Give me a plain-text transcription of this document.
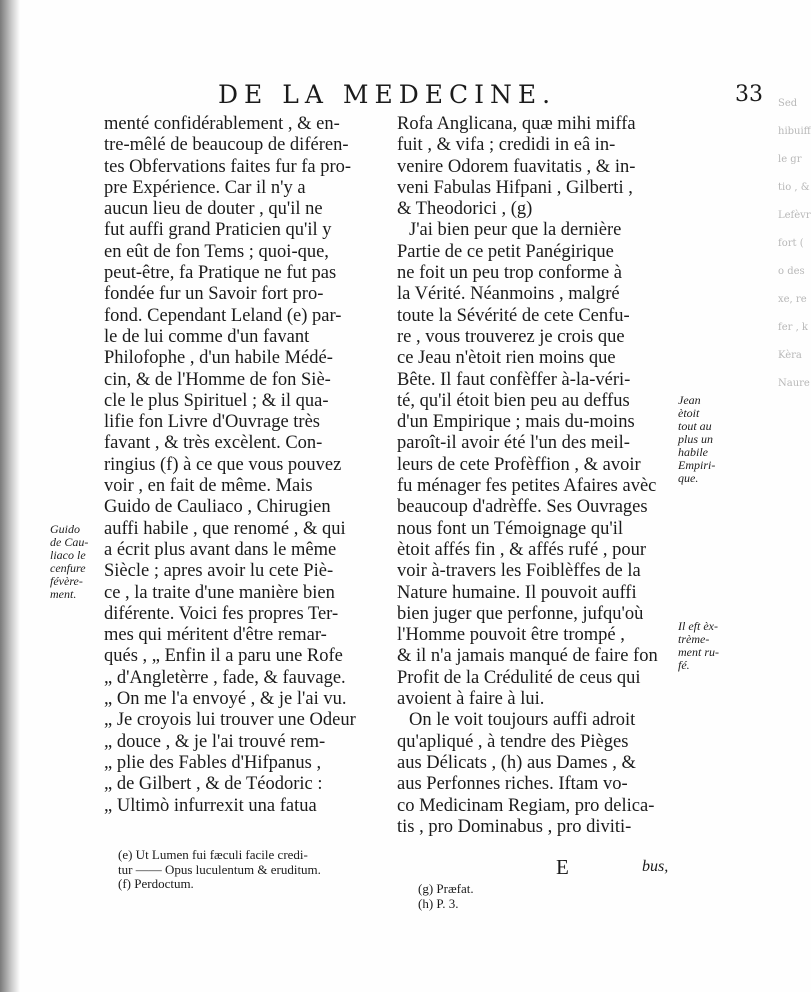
Sed
hibuiff
le gr
tio , &
Lefèvr
fort (
o des
xe, re
fer , k
Kèra
Naure
DE LA MEDECINE.	33
menté confidérablement , & en-
tre-mêlé de beaucoup de diféren-
tes Obfervations faites fur fa pro-
pre Expérience. Car il n'y a
aucun lieu de douter , qu'il ne
fut auffi grand Praticien qu'il y
en eût de fon Tems ; quoi-que,
peut-être, fa Pratique ne fut pas
fondée fur un Savoir fort pro-
fond. Cependant Leland (e) par-
le de lui comme d'un favant
Philofophe , d'un habile Médé-
cin, & de l'Homme de fon Siè-
cle le plus Spirituel ; & il qua-
lifie fon Livre d'Ouvrage très
favant , & très excèlent. Con-
ringius (f) à ce que vous pouvez
voir , en fait de même. Mais
Guido de Cauliaco , Chirugien
auffi habile , que renomé , & qui
a écrit plus avant dans le même
Siècle ; apres avoir lu cete Piè-
ce , la traite d'une manière bien
diférente. Voici fes propres Ter-
mes qui méritent d'être remar-
qués , „ Enfin il a paru une Rofe
„ d'Angletèrre , fade, & fauvage.
„ On me l'a envoyé , & je l'ai vu.
„ Je croyois lui trouver une Odeur
„ douce , & je l'ai trouvé rem-
„ plie des Fables d'Hifpanus ,
„ de Gilbert , & de Téodoric :
„ Ultimò infurrexit una fatua
Rofa Anglicana, quæ mihi miffa
fuit , & vifa ; credidi in eâ in-
venire Odorem fuavitatis , & in-
veni Fabulas Hifpani , Gilberti ,
& Theodorici , (g)
J'ai bien peur que la dernière
Partie de ce petit Panégirique
ne foit un peu trop conforme à
la Vérité. Néanmoins , malgré
toute la Sévérité de cete Cenfu-
re , vous trouverez je crois que
ce Jeau n'ètoit rien moins que
Bête. Il faut confèffer à-la-véri-
té, qu'il étoit bien peu au deffus
d'un Empirique ; mais du-moins
paroît-il avoir été l'un des meil-
leurs de cete Profèffion , & avoir
fu ménager fes petites Afaires avèc
beaucoup d'adrèffe. Ses Ouvrages
nous font un Témoignage qu'il
ètoit affés fin , & affés rufé , pour
voir à-travers les Foiblèffes de la
Nature humaine. Il pouvoit auffi
bien juger que perfonne, jufqu'où
l'Homme pouvoit être trompé ,
& il n'a jamais manqué de faire fon
Profit de la Crédulité de ceus qui
avoient à faire à lui.
On le voit toujours auffi adroit
qu'apliqué , à tendre des Pièges
aus Délicats , (h) aus Dames , &
aus Perfonnes riches. Iftam vo-
co Medicinam Regiam, pro delica-
tis , pro Dominabus , pro diviti-
Guido
de Cau-
liaco le
cenfure
févère-
ment.
Jean
ètoit
tout au
plus un
habile
Empiri-
que.
Il eft èx-
trème-
ment ru-
fé.
(e) Ut Lumen fui fæculi facile credi-
tur —— Opus luculentum & eruditum.
(f) Perdoctum.	(g) Præfat.
(h) P. 3.
E	bus,
